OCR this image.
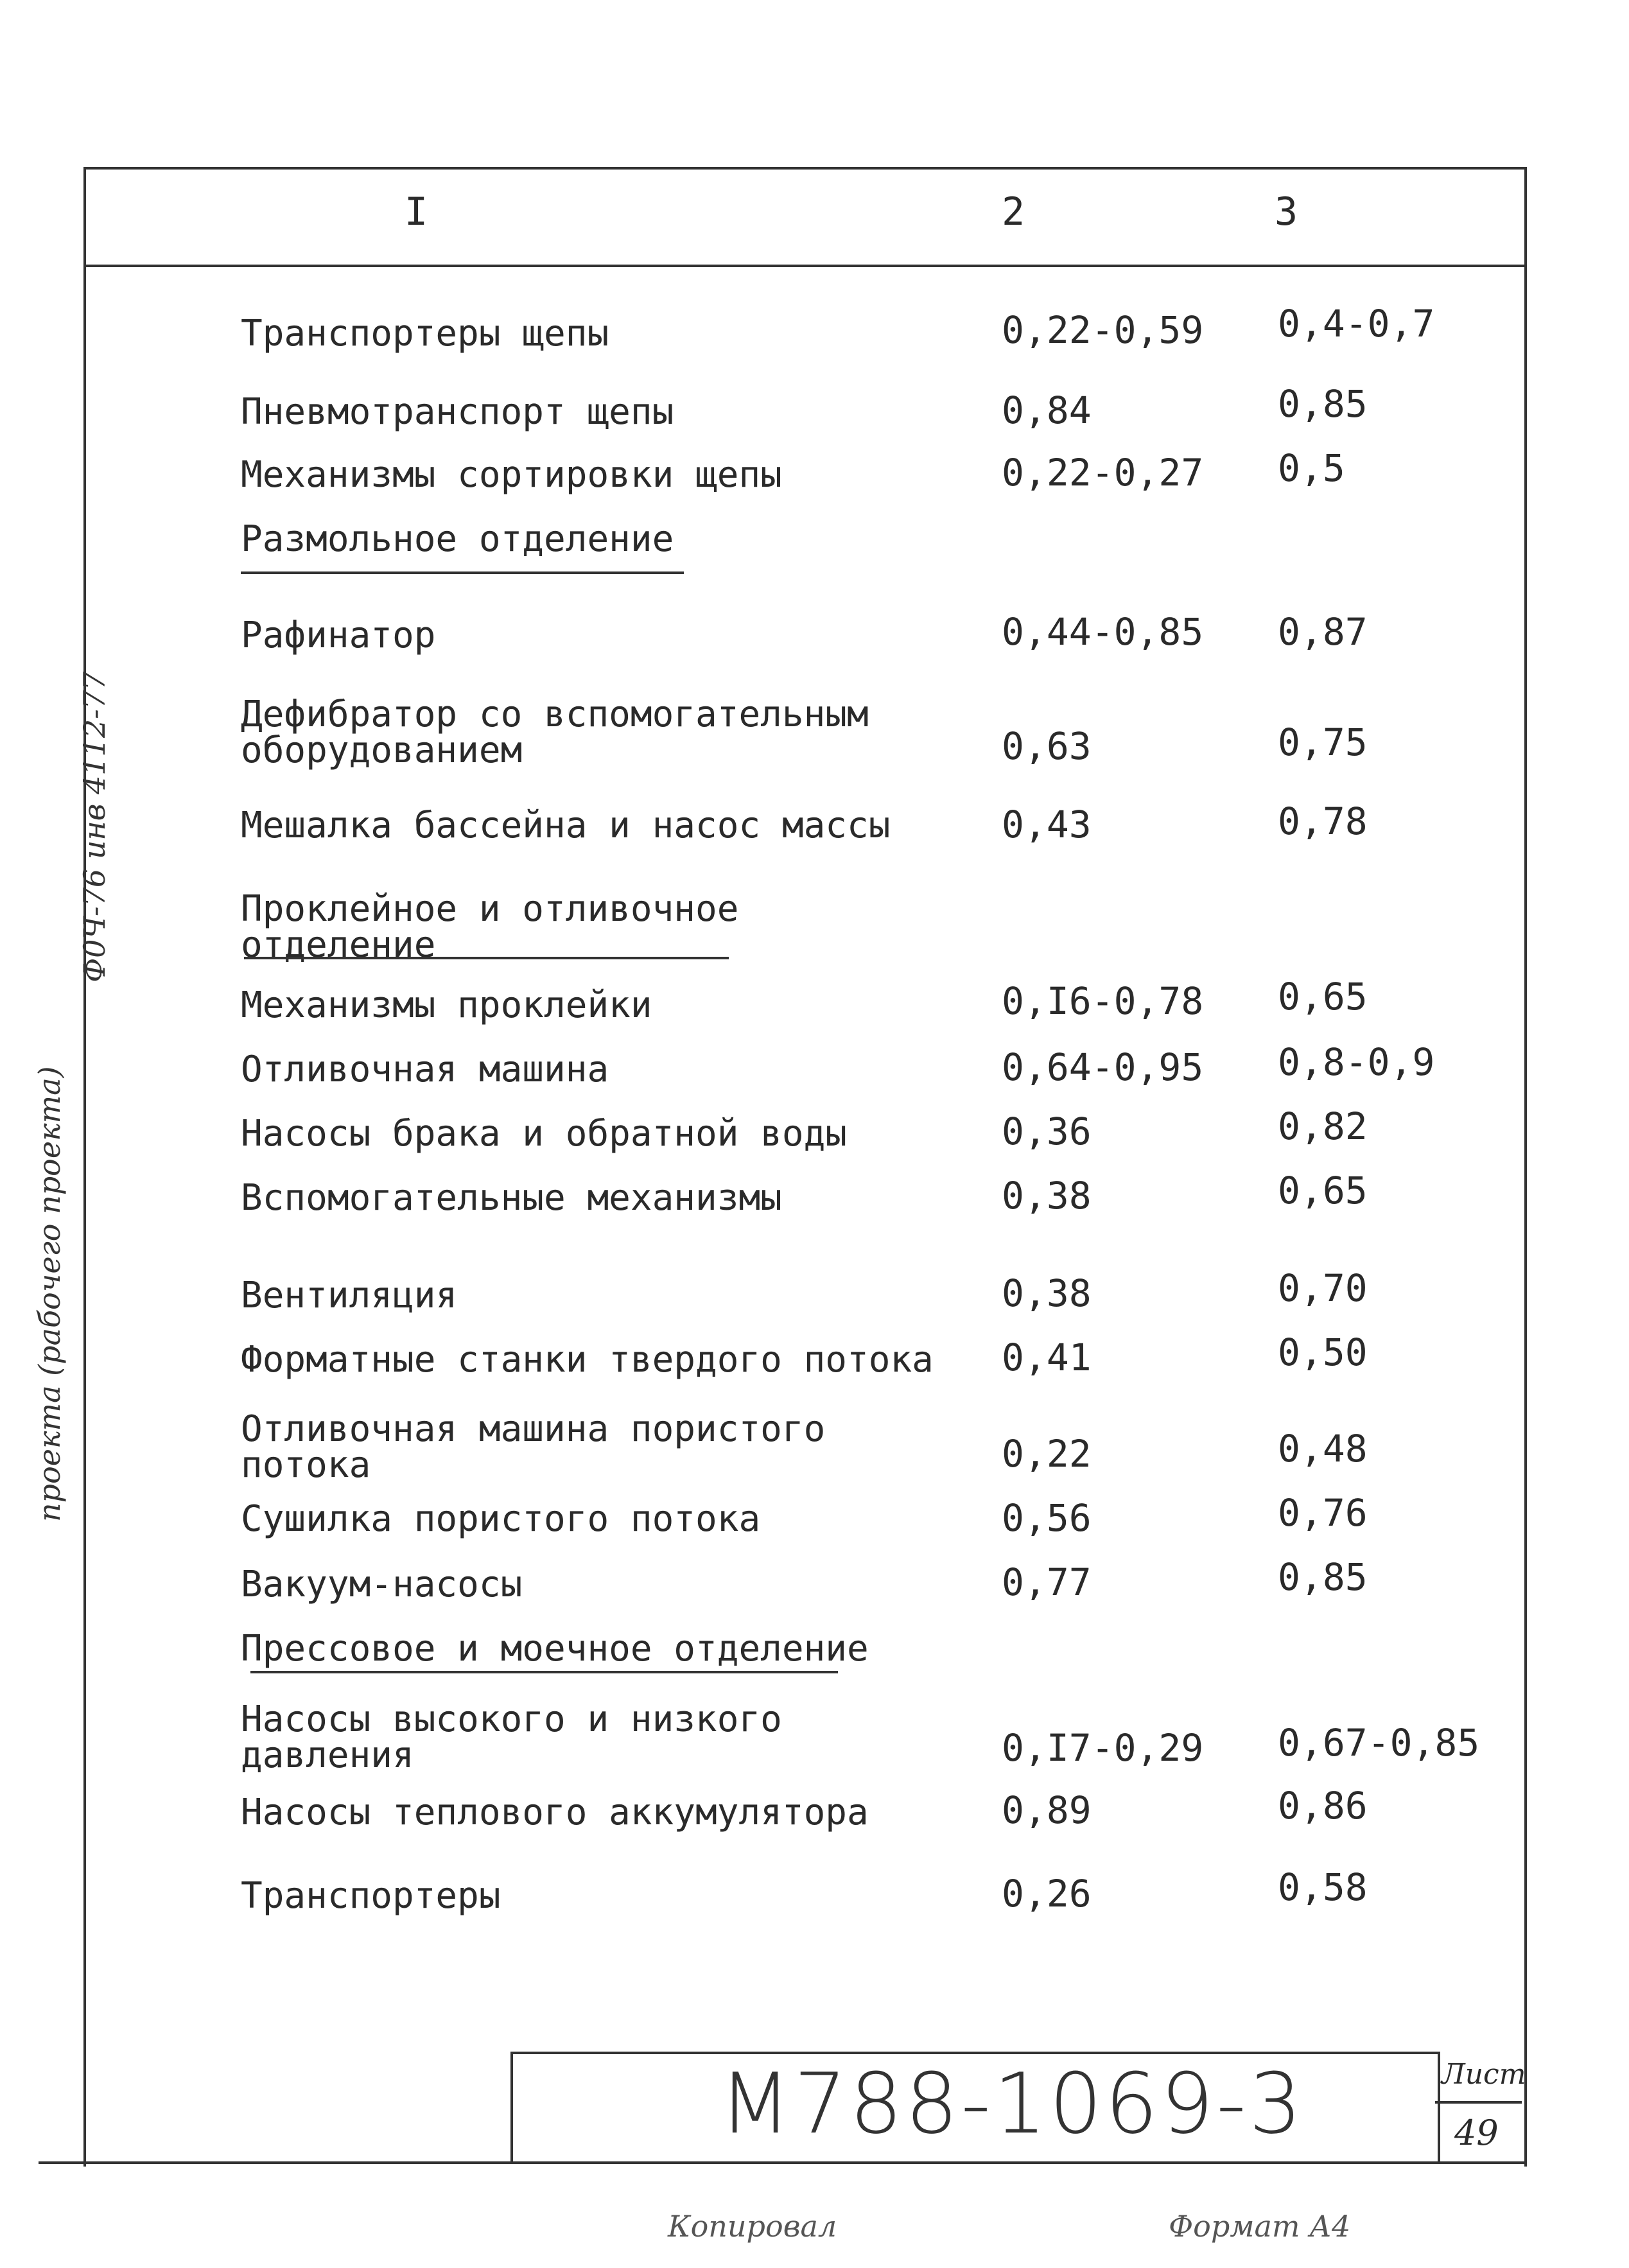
I	2	3
Транспортеры щепы	0,22-0,59 0,4-0,7
Пневмотранспорт щепы	0,84	0,85
Механизмы сортировки щепы	0,22-0,27 0,5
Размольное отделение
Рафинатор	0,44-0,85 0,87
Дефибратор со вспомогательным
оборудованием	0,63	0,75
Мешалка бассейна и насос массы	0,43	0,78
Проклейное и отливочное
отделение
Механизмы проклейки	0,I6-0,78 0,65
Отливочная машина	0,64-0,95 0,8-0,9
Насосы брака и обратной воды	0,36	0,82
Вспомогательные механизмы	0,38	0,65
Вентиляция	0,38	0,70
Форматные станки твердого потока 0,41	0,50
Отливочная машина пористого
потока	0,22	0,48
Сушилка пористого потока	0,56	0,76
Вакуум-насосы	0,77	0,85
Прессовое и моечное отделение
Насосы высокого и низкого
давления	0,I7-0,29 0,67-0,85
Насосы теплового аккумулятора	0,89	0,86
Транспортеры	0,26	0,58
проекта (рабочего проекта)
Ф0Ч-76 инв 4112-77
М788-1069-3	Лист
49
Копировал	Формат А4
